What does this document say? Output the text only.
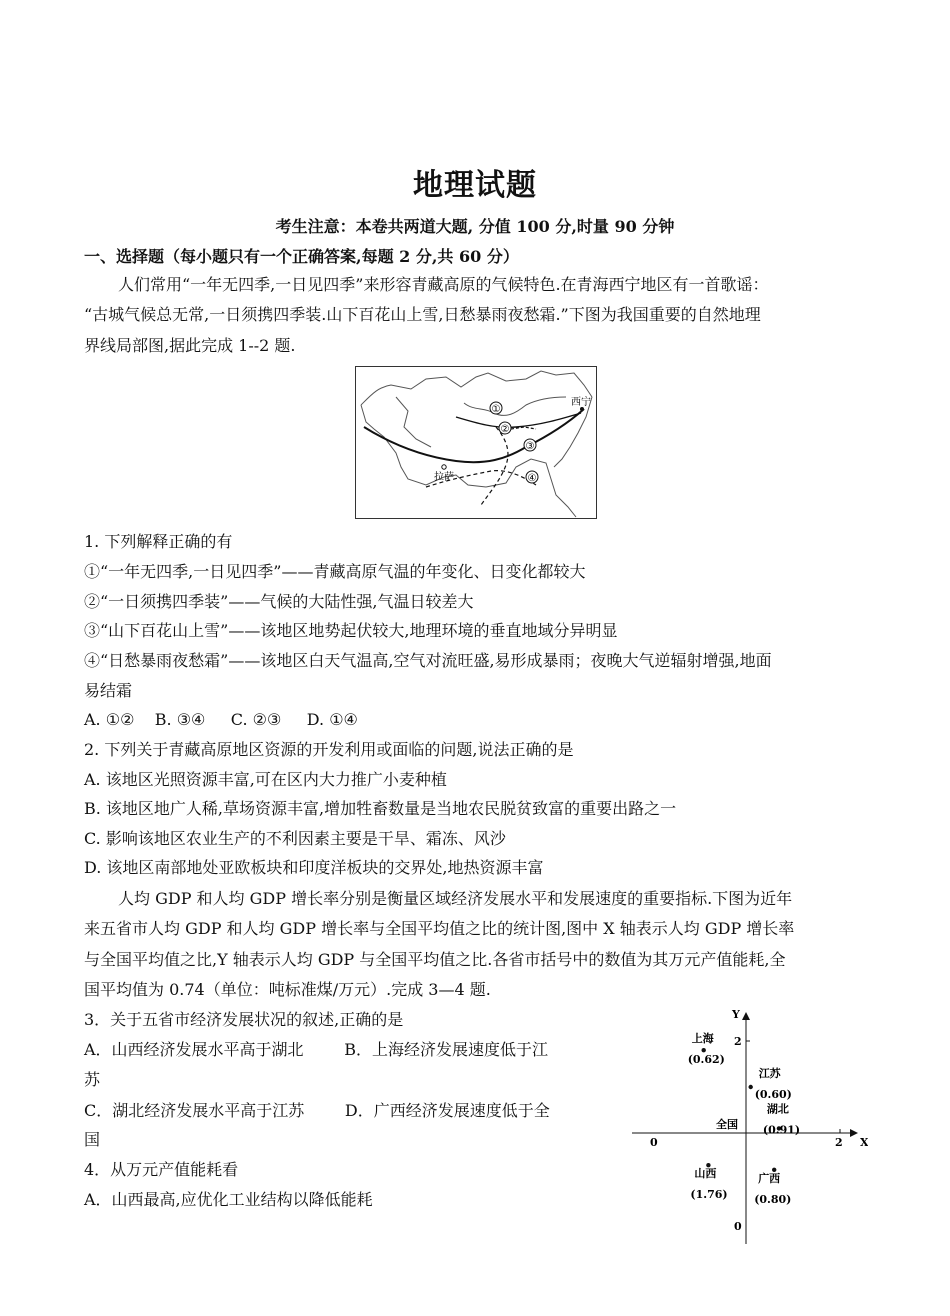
地理试题
考生注意：本卷共两道大题, 分值 100 分,时量 90 分钟
一、选择题（每小题只有一个正确答案,每题 2 分,共 60 分）
人们常用“一年无四季,一日见四季”来形容青藏高原的气候特色.在青海西宁地区有一首歌谣：
“古城气候总无常,一日须携四季装.山下百花山上雪,日愁暴雨夜愁霜.”下图为我国重要的自然地理
界线局部图,据此完成 1--2 题.
①
②
③
④
西宁
拉萨
1. 下列解释正确的有
①“一年无四季,一日见四季”——青藏高原气温的年变化、日变化都较大
②“一日须携四季装”——气候的大陆性强,气温日较差大
③“山下百花山上雪”——该地区地势起伏较大,地理环境的垂直地域分异明显
④“日愁暴雨夜愁霜”——该地区白天气温高,空气对流旺盛,易形成暴雨；夜晚大气逆辐射增强,地面
易结霜
A. ①②    B. ③④     C. ②③     D. ①④
2. 下列关于青藏高原地区资源的开发利用或面临的问题,说法正确的是
A. 该地区光照资源丰富,可在区内大力推广小麦种植
B. 该地区地广人稀,草场资源丰富,增加牲畜数量是当地农民脱贫致富的重要出路之一
C. 影响该地区农业生产的不利因素主要是干旱、霜冻、风沙
D. 该地区南部地处亚欧板块和印度洋板块的交界处,地热资源丰富
人均 GDP 和人均 GDP 增长率分别是衡量区域经济发展水平和发展速度的重要指标.下图为近年
来五省市人均 GDP 和人均 GDP 增长率与全国平均值之比的统计图,图中 X 轴表示人均 GDP 增长率
与全国平均值之比,Y 轴表示人均 GDP 与全国平均值之比.各省市括号中的数值为其万元产值能耗,全
国平均值为 0.74（单位：吨标准煤/万元）.完成 3—4 题.
3．关于五省市经济发展状况的叙述,正确的是
A．山西经济发展水平高于湖北        B．上海经济发展速度低于江
苏
C．湖北经济发展水平高于江苏        D．广西经济发展速度低于全
国
4．从万元产值能耗看
A．山西最高,应优化工业结构以降低能耗
X
Y
0	2
2
0
全国
上海
(0.62)
江苏
(0.60)
湖北
(0.91)
山西
(1.76)
广西
(0.80)
